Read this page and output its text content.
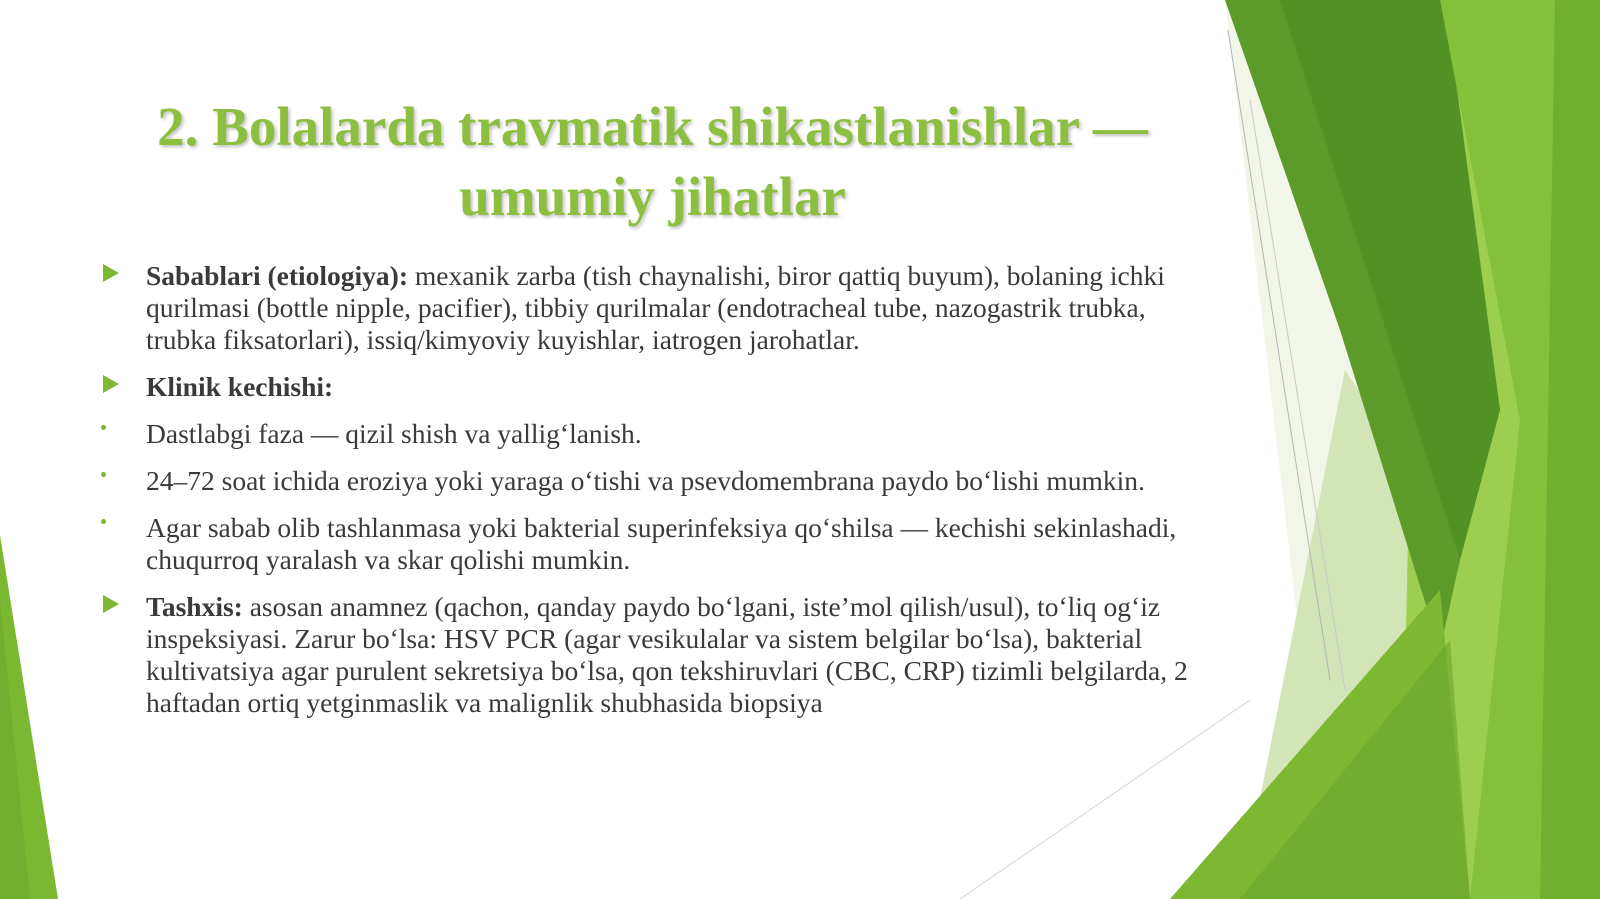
2. Bolalarda travmatik shikastlanishlar —
umumiy jihatlar
Sabablari (etiologiya): mexanik zarba (tish chaynalishi, biror qattiq buyum), bolaning ichki qurilmasi (bottle nipple, pacifier), tibbiy qurilmalar (endotracheal tube, nazogastrik trubka, trubka fiksatorlari), issiq/kimyoviy kuyishlar, iatrogen jarohatlar.
Klinik kechishi:
Dastlabgi faza — qizil shish va yallig‘lanish.
24–72 soat ichida eroziya yoki yaraga o‘tishi va psevdomembrana paydo bo‘lishi mumkin.
Agar sabab olib tashlanmasa yoki bakterial superinfeksiya qo‘shilsa — kechishi sekinlashadi, chuqurroq yaralash va skar qolishi mumkin.
Tashxis: asosan anamnez (qachon, qanday paydo bo‘lgani, iste’mol qilish/usul), to‘liq og‘iz inspeksiyasi. Zarur bo‘lsa: HSV PCR (agar vesikulalar va sistem belgilar bo‘lsa), bakterial kultivatsiya agar purulent sekretsiya bo‘lsa, qon tekshiruvlari (CBC, CRP) tizimli belgilarda, 2 haftadan ortiq yetginmaslik va malignlik shubhasida biopsiya
